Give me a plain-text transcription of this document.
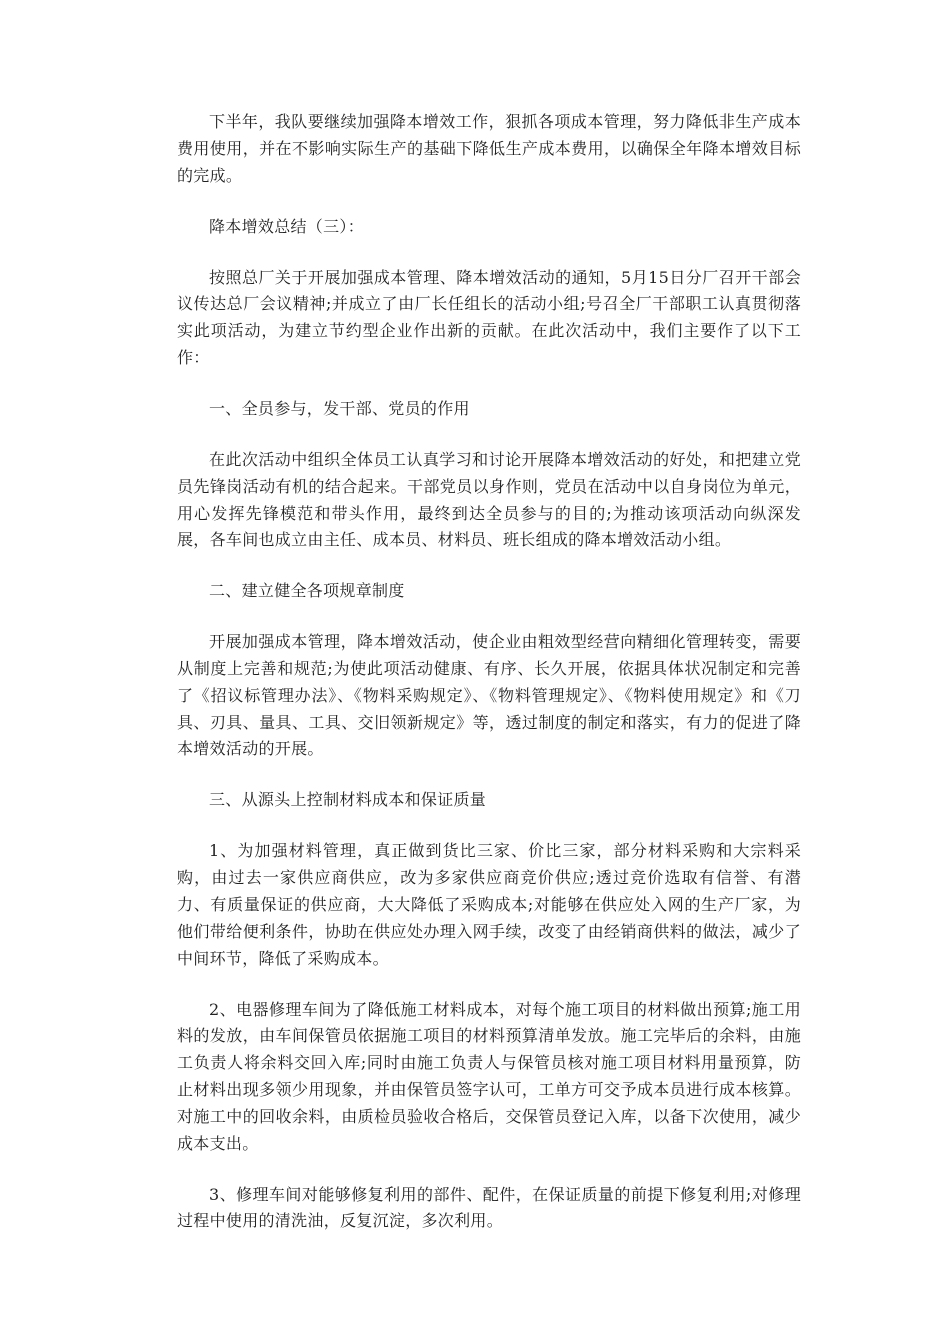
下半年，我队要继续加强降本增效工作，狠抓各项成本管理，努力降低非生产成本费用使用，并在不影响实际生产的基础下降低生产成本费用，以确保全年降本增效目标的完成。

降本增效总结（三）：

按照总厂关于开展加强成本管理、降本增效活动的通知，5月15日分厂召开干部会议传达总厂会议精神;并成立了由厂长任组长的活动小组;号召全厂干部职工认真贯彻落实此项活动，为建立节约型企业作出新的贡献。在此次活动中，我们主要作了以下工作：

一、全员参与，发干部、党员的作用

在此次活动中组织全体员工认真学习和讨论开展降本增效活动的好处，和把建立党员先锋岗活动有机的结合起来。干部党员以身作则，党员在活动中以自身岗位为单元，用心发挥先锋模范和带头作用，最终到达全员参与的目的;为推动该项活动向纵深发展，各车间也成立由主任、成本员、材料员、班长组成的降本增效活动小组。

二、建立健全各项规章制度

开展加强成本管理，降本增效活动，使企业由粗效型经营向精细化管理转变，需要从制度上完善和规范;为使此项活动健康、有序、长久开展，依据具体状况制定和完善了《招议标管理办法》、《物料采购规定》、《物料管理规定》、《物料使用规定》和《刀具、刃具、量具、工具、交旧领新规定》等，透过制度的制定和落实，有力的促进了降本增效活动的开展。

三、从源头上控制材料成本和保证质量

1、为加强材料管理，真正做到货比三家、价比三家，部分材料采购和大宗料采购，由过去一家供应商供应，改为多家供应商竞价供应;透过竞价选取有信誉、有潜力、有质量保证的供应商，大大降低了采购成本;对能够在供应处入网的生产厂家，为他们带给便利条件，协助在供应处办理入网手续，改变了由经销商供料的做法，减少了中间环节，降低了采购成本。

2、电器修理车间为了降低施工材料成本，对每个施工项目的材料做出预算;施工用料的发放，由车间保管员依据施工项目的材料预算清单发放。施工完毕后的余料，由施工负责人将余料交回入库;同时由施工负责人与保管员核对施工项目材料用量预算，防止材料出现多领少用现象，并由保管员签字认可，工单方可交予成本员进行成本核算。对施工中的回收余料，由质检员验收合格后，交保管员登记入库，以备下次使用，减少成本支出。

3、修理车间对能够修复利用的部件、配件，在保证质量的前提下修复利用;对修理过程中使用的清洗油，反复沉淀，多次利用。
